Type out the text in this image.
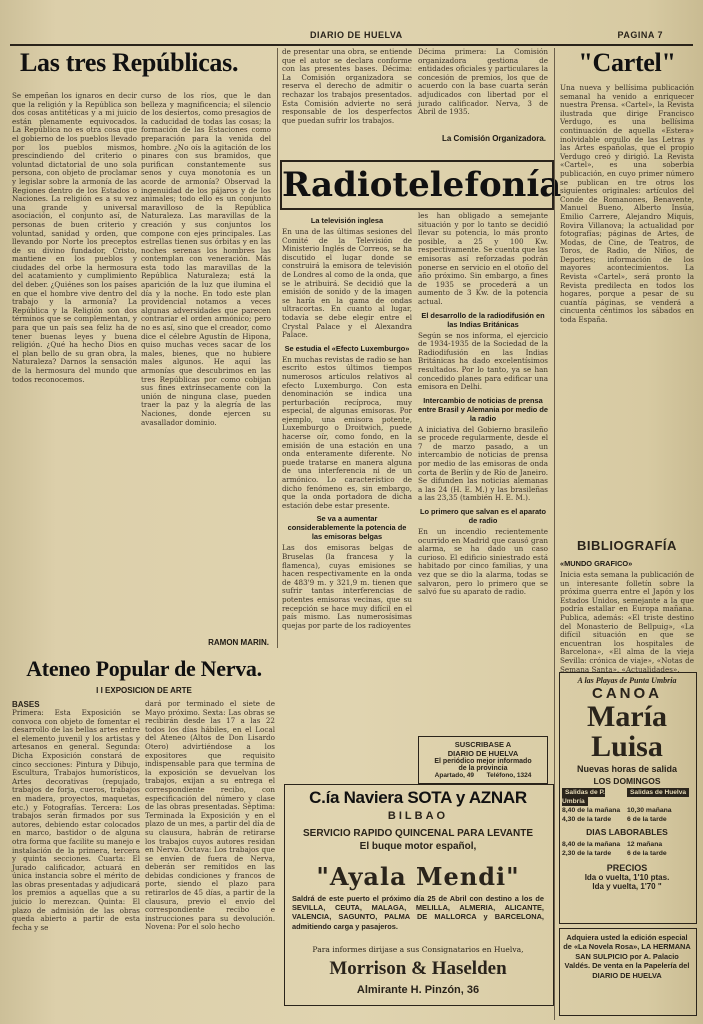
DIARIO DE HUELVA	PAGINA 7
Las tres Repúblicas.
Se empeñan los ignaros en decir que la religión y la República son dos cosas antitéticas y a mi juicio están plenamente equivocados. La República no es otra cosa que el gobierno de los pueblos llevado por los pueblos mismos, prescindiendo del criterio o voluntad dictatorial de uno sola persona, con objeto de proclamar y legislar sobre la armonía de las Regiones dentro de los Estados o Naciones. La religión es a su vez una grande y universal asociación, el conjunto así, de personas de buen criterio y voluntad, sanidad y orden, que llevando por Norte los preceptos de su divino fundador, Cristo, mantiene en los pueblos y ciudades del orbe la hermosura del acatamiento y cumplimiento del deber. ¿Quiénes son los países en que el hombre vive dentro del trabajo y la armonía? La República y la Religión son dos términos que se complementan, y para que un país sea feliz ha de tener buenas leyes y buena religión. ¿Qué ha hecho Dios en el plan bello de su gran obra, la Naturaleza? Darnos la sensación de la hermosura del mundo que todos reconocemos.
curso de los ríos, que le dan belleza y magnificencia; el silencio de los desiertos, como presagios de la caducidad de todas las cosas; la formación de las Estaciones como preparación para la venida del hombre. ¿No oís la agitación de los pinares con sus bramidos, que purifican constantemente sus senos y cuya monotonía es un acorde de armonía? Observad la ingenuidad de los pájaros y de los animales; todo ello es un conjunto maravilloso de la República Naturaleza. Las maravillas de la creación y sus conjuntos los compone con ejes principales. Las estrellas tienen sus órbitas y en las noches serenas los hombres las contemplan con veneración. Más esta todo las maravillas de la República Naturaleza; está la aparición de la luz que ilumina el día y la noche. En todo este plan providencial notamos a veces algunas adversidades que parecen contrariar el orden armónico; pero no es así, sino que el creador, como dice el célebre Agustín de Hipona, quiso muchas veces sacar de los males, bienes, que no hubiere males algunos. He aquí las armonías que descubrimos en las tres Repúblicas por como cobijan sus fines extrínsecamente con la unión de ninguna clase, pueden traer la paz y la alegría de las Naciones, donde ejercen su avasallador dominio.
RAMON MARIN.
de presentar una obra, se entiende que el autor se declara conforme con las presentes bases. Décima: La Comisión organizadora se reserva el derecho de admitir o rechazar los trabajos presentados. Esta Comisión advierte no será responsable de los desperfectos que puedan sufrir los trabajos.
Décima primera: La Comisión organizadora gestiona de entidades oficiales y particulares la concesión de premios, los que de acuerdo con la base cuarta serán adjudicados con libertad por el jurado calificador. Nerva, 3 de Abril de 1935.
La Comisión Organizadora.
Radiotelefonía
La televisión inglesa
En una de las últimas sesiones del Comité de la Televisión de Ministerio Inglés de Correos, se ha discutido el lugar donde se construirá la emisora de televisión de Londres al como de la onda, que se le atribuirá. Se decidió que la emisión de sonido y de la imagen se haría en la gama de ondas ultracortas. En cuanto al lugar, todavía se debe elegir entre el Crystal Palace y el Alexandra Palace.
Se estudia el «Efecto Luxemburgo»
En muchas revistas de radio se han escrito estos últimos tiempos numerosos artículos relativos al efecto Luxemburgo. Con esta denominación se indica una perturbación recíproca, muy especial, de algunas emisoras. Por ejemplo, una emisora potente, Luxemburgo o Droitwich, puede hacerse oír, como fondo, en la emisión de una estación en una onda enteramente diferente. No puede tratarse en manera alguna de una interferencia ni de un armónico. Lo característico de dicho fenómeno es, sin embargo, que la onda portadora de dicha estación debe estar presente.
Se va a aumentar considerablemente la potencia de las emisoras belgas
Las dos emisoras belgas de Bruselas (la francesa y la flamenca), cuyas emisiones se hacen respectivamente en la onda de 483'9 m. y 321,9 m. tienen que sufrir tantas interferencias de potentes emisoras vecinas, que su recepción se hace muy difícil en el país mismo. Las numerosísimas quejas por parte de los radioyentes
les han obligado a semejante situación y por lo tanto se decidió llevar su potencia, lo más pronto posible, a 25 y 100 Kw. respectivamente. Se cuenta que las emisoras así reforzadas podrán ponerse en servicio en el otoño del año próximo. Sin embargo, a fines de 1935 se procederá a un aumento de 3 Kw. de la potencia actual.
El desarrollo de la radiodifusión en las Indias Británicas
Según se nos informa, el ejercicio de 1934-1935 de la Sociedad de la Radiodifusión en las Indias Británicas ha dado excelentísimos resultados. Por lo tanto, ya se han concedido planes para edificar una emisora en Delhi.
Intercambio de noticias de prensa entre Brasil y Alemania por medio de la radio
A iniciativa del Gobierno brasileño se procede regularmente, desde el 7 de marzo pasado, a un intercambio de noticias de prensa por medio de las emisoras de onda corta de Berlín y de Río de Janeiro. Se difunden las noticias alemanas a las 24 (H. E. M.) y las brasileñas a las 23,35 (también H. E. M.).
Lo primero que salvan es el aparato de radio
En un incendio recientemente ocurrido en Madrid que causó gran alarma, se ha dado un caso curioso. El edificio siniestrado está habitado por cinco familias, y una vez que se dio la alarma, todas se salvaron, pero lo primero que se salvó fue su aparato de radio.
SUSCRIBASE A
DIARIO DE HUELVA
El periódico mejor informado
de la provincia
Apartado, 49       Teléfono, 1324
Ateneo Popular de Nerva.
I I EXPOSICION DE ARTE
BASES
Primera: Esta Exposición se convoca con objeto de fomentar el desarrollo de las bellas artes entre el elemento juvenil y los artistas y artesanos en general. Segunda: Dicha Exposición constará de cinco secciones: Pintura y Dibujo, Escultura, Trabajos humorísticos, Artes decorativas (repujado, trabajos de forja, cueros, trabajos en madera, proyectos, maquetas, etc.) y Fotografías. Tercera: Los trabajos serán firmados por sus autores, debiendo estar colocados en marco, bastidor o de alguna otra forma que facilite su manejo e instalación de la primera, tercera y quinta secciones. Cuarta: El Jurado calificador, actuará en única instancia sobre el mérito de las obras presentadas y adjudicará los premios a aquellas que a su juicio lo merezcan. Quinta: El plazo de admisión de las obras queda abierto a partir de esta fecha y se
dará por terminado el siete de Mayo próximo. Sexta: Las obras se recibirán desde las 17 a las 22 todos los días hábiles, en el Local del Ateneo (Altos de Don Lisardo Otero) advirtiéndose a los expositores que requisito indispensable para que termina de la exposición se devuelvan los trabajos, exijan a su entrega el correspondiente recibo, con especificación del número y clase de las obras presentadas. Séptima: Terminada la Exposición y en el plazo de un mes, a partir del día de su clausura, habrán de retirarse los trabajos cuyos autores residan en Nerva. Octava: Los trabajos que se envíen de fuera de Nerva, deberán ser remitidos en las debidas condiciones y francos de porte, siendo el plazo para retirarlos de 45 días, a partir de la clausura, previo el envío del correspondiente recibo e instrucciones para su devolución. Novena: Por el solo hecho
C.ía Naviera SOTA y AZNAR
BILBAO
SERVICIO RAPIDO QUINCENAL PARA LEVANTE
El buque motor español,
"Ayala Mendi"
Saldrá de este puerto el próximo día 25 de Abril con destino a los de SEVILLA, CEUTA, MALAGA, MELILLA, ALMERIA, ALICANTE, VALENCIA, SAGUNTO, PALMA DE MALLORCA y BARCELONA, admitiendo carga y pasajeros.
Para informes dirijase a sus Consignatarios en Huelva,
Morrison & Haselden
Almirante H. Pinzón, 36
"Cartel"
Una nueva y bellísima publicación semanal ha venido a enriquecer nuestra Prensa. «Cartel», la Revista ilustrada que dirige Francisco Verdugo, es una bellísima continuación de aquella «Estera» inolvidable orgullo de las Letras y las Artes españolas, que el propio Verdugo creó y dirigió. La Revista «Cartel», es una soberbia publicación, en cuyo primer número se publican en tre otros los siguientes originales: artículos del Conde de Romanones, Benavente, Manuel Bueno, Alberto Insúa, Emilio Carrere, Alejandro Miquis, Rovira Villanova; la actualidad por fotografías; páginas de Artes, de Modas, de Cine, de Teatros, de Toros, de Radio, de Niños, de Deportes; información de los mayores acontecimientos. La Revista «Cartel», será pronto la Revista predilecta en todos los hogares, porque a pesar de su cuantía páginas, se venderá a cincuenta céntimos los sábados en toda España.
BIBLIOGRAFÍA
«MUNDO GRAFICO»
Inicia esta semana la publicación de un interesante folletín sobre la próxima guerra entre el Japón y los Estados Unidos, semejante a la que podría estallar en Europa mañana. Publica, además: «El triste destino del Monasterio de Bellpuig», «La difícil situación en que se encuentran los hospitales de Barcelona», «El alma de la vieja Sevilla: crónica de viaje», «Notas de Semana Santa», «Actualidades».
A las Playas de Punta Umbria
CANOA
María Luisa
Nuevas horas de salida
LOS DOMINGOS
Salidas de P. Umbría
Salidas de Huelva
8,40 de la mañana	10,30 mañana
4,30 de la tarde	6 de la tarde
DIAS LABORABLES
8,40 de la mañana	12 mañana
2,30 de la tarde	6 de la tarde
PRECIOS
Ida o vuelta, 1'10 ptas.
Ida y vuelta, 1'70 "
Adquiera usted la edición especial de «La Novela Rosa», LA HERMANA SAN SULPICIO por A. Palacio Valdés. De venta en la Papelería del DIARIO DE HUELVA
